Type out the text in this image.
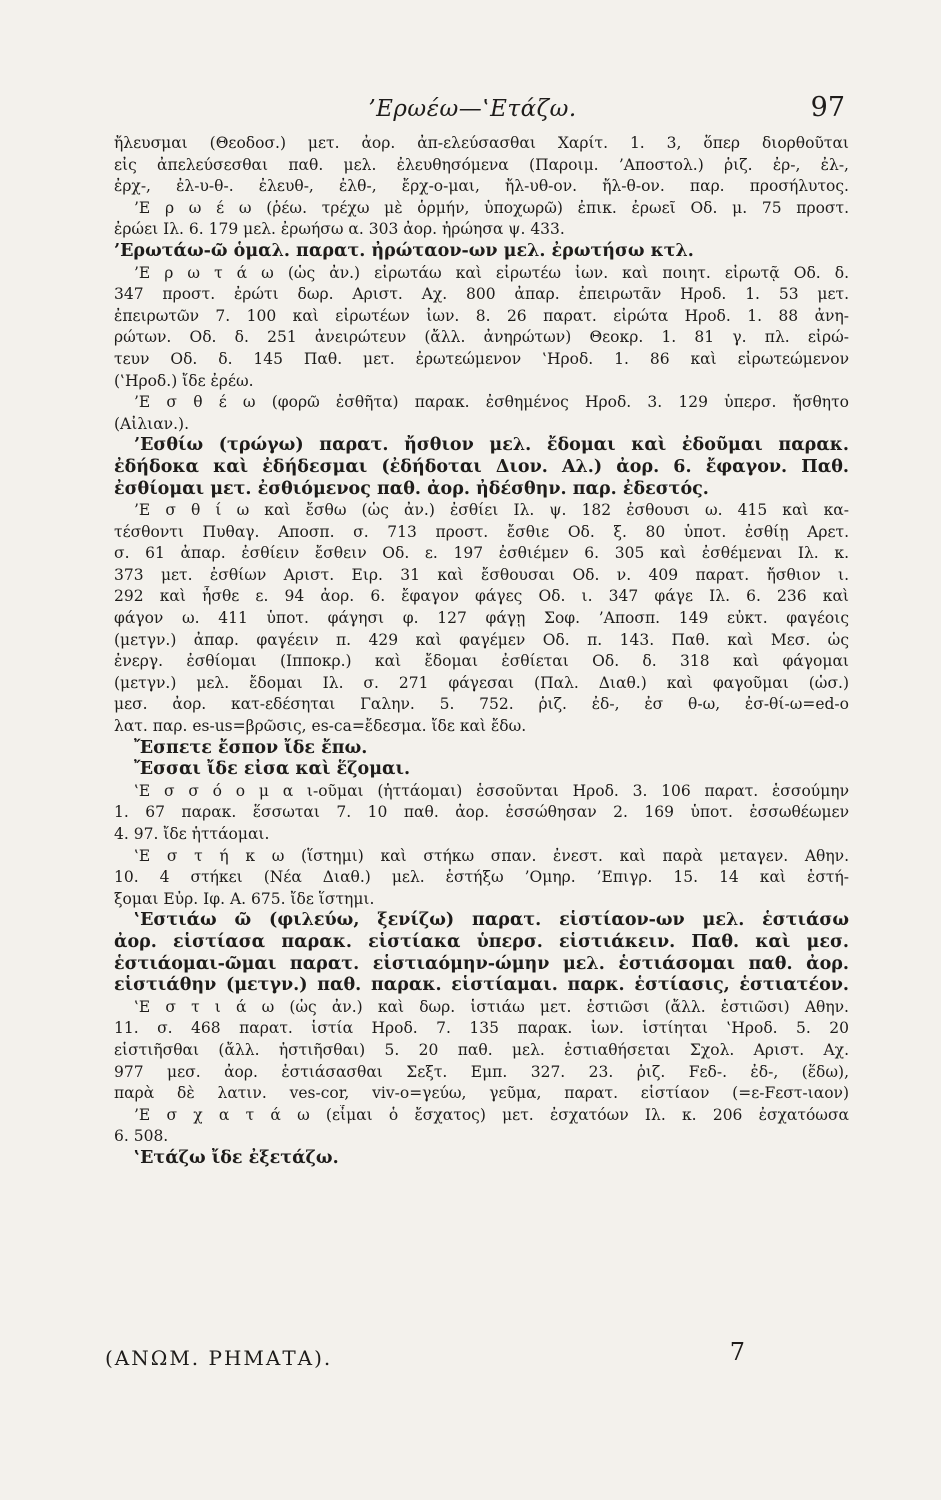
’Ερωέω—‛Ετάζω.	97
ἤλευσμαι (Θεοδοσ.) μετ. ἀορ. ἀπ-ελεύσασθαι Χαρίτ. 1. 3, ὅπερ διορθοῦται
εἰς ἀπελεύσεσθαι παθ. μελ. ἐλευθησόμενα (Παροιμ. ’Αποστολ.) ῥιζ. ἐρ-, ἐλ-,
ἐρχ-, ἐλ-υ-θ-. ἐλευθ-, ἐλθ-, ἔρχ-ο-μαι, ἤλ-υθ-ον. ἤλ-θ-ον. παρ. προσήλυτος.
’Ε ρ ω έ ω (ῥέω. τρέχω μὲ ὁρμήν, ὑποχωρῶ) ἐπικ. ἐρωεῖ Οδ. μ. 75 προστ.
ἐρώει Ιλ. 6. 179 μελ. ἐρωήσω α. 303 ἀορ. ἠρώησα ψ. 433.
’Ερωτάω-ῶ ὁμαλ. παρατ. ἠρώταον-ων μελ. ἐρωτήσω κτλ.
’Ε ρ ω τ ά ω (ὡς ἀν.) εἰρωτάω καὶ εἰρωτέω ἰων. καὶ ποιητ. εἰρωτᾷ Οδ. δ.
347 προστ. ἐρώτι δωρ. Αριστ. Αχ. 800 ἀπαρ. ἐπειρωτᾶν Ηροδ. 1. 53 μετ.
ἐπειρωτῶν 7. 100 καὶ εἰρωτέων ἰων. 8. 26 παρατ. εἰρώτα Ηροδ. 1. 88 ἀνη-
ρώτων. Οδ. δ. 251 ἀνειρώτευν (ἄλλ. ἀνηρώτων) Θεοκρ. 1. 81 γ. πλ. εἰρώ-
τευν Οδ. δ. 145 Παθ. μετ. ἐρωτεώμενον ‛Ηροδ. 1. 86 καὶ εἰρωτεώμενον
(‛Ηροδ.) ἴδε ἐρέω.
’Ε σ θ έ ω (φορῶ ἐσθῆτα) παρακ. ἐσθημένος Ηροδ. 3. 129 ὑπερσ. ἤσθητο
(Αἰλιαν.).
’Εσθίω (τρώγω) παρατ. ἤσθιον μελ. ἔδομαι καὶ ἐδοῦμαι παρακ.
ἐδήδοκα καὶ ἐδήδεσμαι (ἐδήδοται Διον. Αλ.) ἀορ. 6. ἔφαγον. Παθ.
ἐσθίομαι μετ. ἐσθιόμενος παθ. ἀορ. ἠδέσθην. παρ. ἐδεστός.
’Ε σ θ ί ω καὶ ἔσθω (ὡς ἀν.) ἐσθίει Ιλ. ψ. 182 ἐσθουσι ω. 415 καὶ κα-
τέσθοντι Πυθαγ. Αποσπ. σ. 713 προστ. ἔσθιε Οδ. ξ. 80 ὑποτ. ἐσθίῃ Αρετ.
σ. 61 ἀπαρ. ἐσθίειν ἔσθειν Οδ. ε. 197 ἐσθιέμεν 6. 305 καὶ ἐσθέμεναι Ιλ. κ.
373 μετ. ἐσθίων Αριστ. Ειρ. 31 καὶ ἔσθουσαι Οδ. ν. 409 παρατ. ἤσθιον ι.
292 καὶ ἦσθε ε. 94 ἀορ. 6. ἔφαγον φάγες Οδ. ι. 347 φάγε Ιλ. 6. 236 καὶ
φάγον ω. 411 ὑποτ. φάγησι φ. 127 φάγῃ Σοφ. ’Αποσπ. 149 εὐκτ. φαγέοις
(μετγν.) ἀπαρ. φαγέειν π. 429 καὶ φαγέμεν Οδ. π. 143. Παθ. καὶ Μεσ. ὡς
ἐνεργ. ἐσθίομαι (Ιπποκρ.) καὶ ἔδομαι ἐσθίεται Οδ. δ. 318 καὶ φάγομαι
(μετγν.) μελ. ἔδομαι Ιλ. σ. 271 φάγεσαι (Παλ. Διαθ.) καὶ φαγοῦμαι (ὡσ.)
μεσ. ἀορ. κατ-εδέσηται Γαλην. 5. 752. ῥιζ. ἐδ-, ἐσ θ-ω, ἐσ-θί-ω=ed-o
λατ. παρ. es-us=βρῶσις, es-ca=ἔδεσμα. ἴδε καὶ ἔδω.
Ἔσπετε ἔσπον ἴδε ἔπω.
Ἔσσαι ἴδε εἶσα καὶ ἕζομαι.
‛Ε σ σ ό ο μ α ι-οῦμαι (ἡττάομαι) ἑσσοῦνται Ηροδ. 3. 106 παρατ. ἑσσούμην
1. 67 παρακ. ἕσσωται 7. 10 παθ. ἀορ. ἑσσώθησαν 2. 169 ὑποτ. ἑσσωθέωμεν
4. 97. ἴδε ἡττάομαι.
‛Ε σ τ ή κ ω (ἵστημι) καὶ στήκω σπαν. ἐνεστ. καὶ παρὰ μεταγεν. Αθην.
10. 4 στήκει (Νέα Διαθ.) μελ. ἑστήξω ’Ομηρ. ’Επιγρ. 15. 14 καὶ ἑστή-
ξομαι Εὐρ. Ιφ. Α. 675. ἴδε ἵστημι.
‛Εστιάω ῶ (φιλεύω, ξενίζω) παρατ. εἱστίαον-ων μελ. ἑστιάσω
ἀορ. εἱστίασα παρακ. εἱστίακα ὑπερσ. εἱστιάκειν. Παθ. καὶ μεσ.
ἑστιάομαι-ῶμαι παρατ. εἱστιαόμην-ώμην μελ. ἑστιάσομαι παθ. ἀορ.
εἱστιάθην (μετγν.) παθ. παρακ. εἱστίαμαι. παρκ. ἑστίασις, ἑστιατέον.
‛Ε σ τ ι ά ω (ὡς ἀν.) καὶ δωρ. ἱστιάω μετ. ἑστιῶσι (ἄλλ. ἑστιῶσι) Αθην.
11. σ. 468 παρατ. ἱστία Ηροδ. 7. 135 παρακ. ἰων. ἱστίηται ‛Ηροδ. 5. 20
εἱστιῆσθαι (ἄλλ. ἡστιῆσθαι) 5. 20 παθ. μελ. ἑστιαθήσεται Σχολ. Αριστ. Αχ.
977 μεσ. ἀορ. ἑστιάσασθαι Σεξτ. Εμπ. 327. 23. ῥιζ. Fεδ-. ἐδ-, (ἕδω),
παρὰ δὲ λατιν. ves-cor, viv-o=γεύω, γεῦμα, παρατ. εἱστίαον (=ε-Fεστ-ιαον)
’Ε σ χ α τ ά ω (εἶμαι ὁ ἔσχατος) μετ. ἐσχατόων Ιλ. κ. 206 ἐσχατόωσα
6. 508.
‛Ετάζω ἴδε ἐξετάζω.
(ΑΝΩΜ. ΡΗΜΑΤΑ).	7
